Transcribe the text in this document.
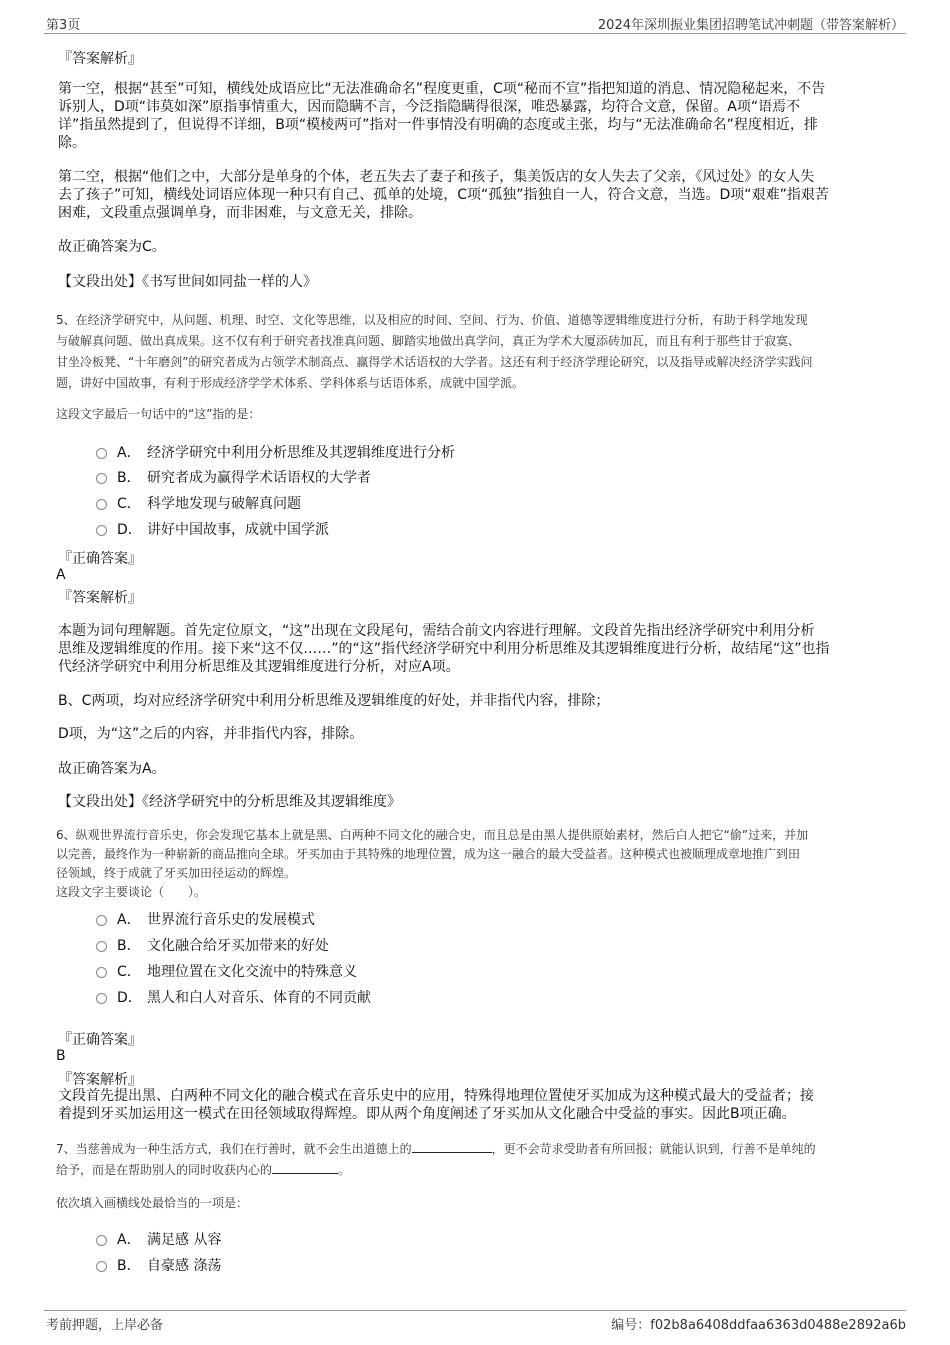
第3页	2024年深圳振业集团招聘笔试冲刺题（带答案解析）
『答案解析』
第一空，根据“甚至”可知，横线处成语应比“无法准确命名”程度更重，C项“秘而不宣”指把知道的消息、情况隐秘起来，不告
诉别人，D项“讳莫如深”原指事情重大，因而隐瞒不言，今泛指隐瞒得很深，唯恐暴露，均符合文意，保留。A项“语焉不
详”指虽然提到了，但说得不详细，B项“模棱两可”指对一件事情没有明确的态度或主张，均与“无法准确命名”程度相近，排
除。
第二空，根据“他们之中，大部分是单身的个体，老五失去了妻子和孩子，集美饭店的女人失去了父亲，《风过处》的女人失
去了孩子”可知，横线处词语应体现一种只有自己、孤单的处境，C项“孤独”指独自一人，符合文意，当选。D项“艰难”指艰苦
困难，文段重点强调单身，而非困难，与文意无关，排除。
故正确答案为C。
【文段出处】《书写世间如同盐一样的人》
5、在经济学研究中，从问题、机理、时空、文化等思维，以及相应的时间、空间、行为、价值、道德等逻辑维度进行分析，有助于科学地发现
与破解真问题、做出真成果。这不仅有利于研究者找准真问题、脚踏实地做出真学问，真正为学术大厦添砖加瓦，而且有利于那些甘于寂寞、
甘坐冷板凳、“十年磨剑”的研究者成为占领学术制高点、赢得学术话语权的大学者。这还有利于经济学理论研究，以及指导或解决经济学实践问
题，讲好中国故事，有利于形成经济学学术体系、学科体系与话语体系，成就中国学派。
这段文字最后一句话中的“这”指的是：
A． 经济学研究中利用分析思维及其逻辑维度进行分析
B． 研究者成为赢得学术话语权的大学者
C． 科学地发现与破解真问题
D． 讲好中国故事，成就中国学派
『正确答案』
A
『答案解析』
本题为词句理解题。首先定位原文，“这”出现在文段尾句，需结合前文内容进行理解。文段首先指出经济学研究中利用分析
思维及逻辑维度的作用。接下来“这不仅……”的“这”指代经济学研究中利用分析思维及其逻辑维度进行分析，故结尾“这”也指
代经济学研究中利用分析思维及其逻辑维度进行分析，对应A项。
B、C两项，均对应经济学研究中利用分析思维及逻辑维度的好处，并非指代内容，排除；
D项，为“这”之后的内容，并非指代内容，排除。
故正确答案为A。
【文段出处】《经济学研究中的分析思维及其逻辑维度》
6、纵观世界流行音乐史，你会发现它基本上就是黑、白两种不同文化的融合史，而且总是由黑人提供原始素材，然后白人把它“偷”过来，并加
以完善，最终作为一种崭新的商品推向全球。牙买加由于其特殊的地理位置，成为这一融合的最大受益者。这种模式也被顺理成章地推广到田
径领域，终于成就了牙买加田径运动的辉煌。
这段文字主要谈论（　　）。
A． 世界流行音乐史的发展模式
B． 文化融合给牙买加带来的好处
C． 地理位置在文化交流中的特殊意义
D． 黑人和白人对音乐、体育的不同贡献
『正确答案』
B
『答案解析』
文段首先提出黑、白两种不同文化的融合模式在音乐史中的应用，特殊得地理位置使牙买加成为这种模式最大的受益者；接
着提到牙买加运用这一模式在田径领域取得辉煌。即从两个角度阐述了牙买加从文化融合中受益的事实。因此B项正确。
7、当慈善成为一种生活方式，我们在行善时，就不会生出道德上的	，更不会苛求受助者有所回报；就能认识到，行善不是单纯的
给予，而是在帮助别人的同时收获内心的	。
依次填入画横线处最恰当的一项是：
A． 满足感 从容
B． 自豪感 涤荡
考前押题，上岸必备	编号：f02b8a6408ddfaa6363d0488e2892a6b
